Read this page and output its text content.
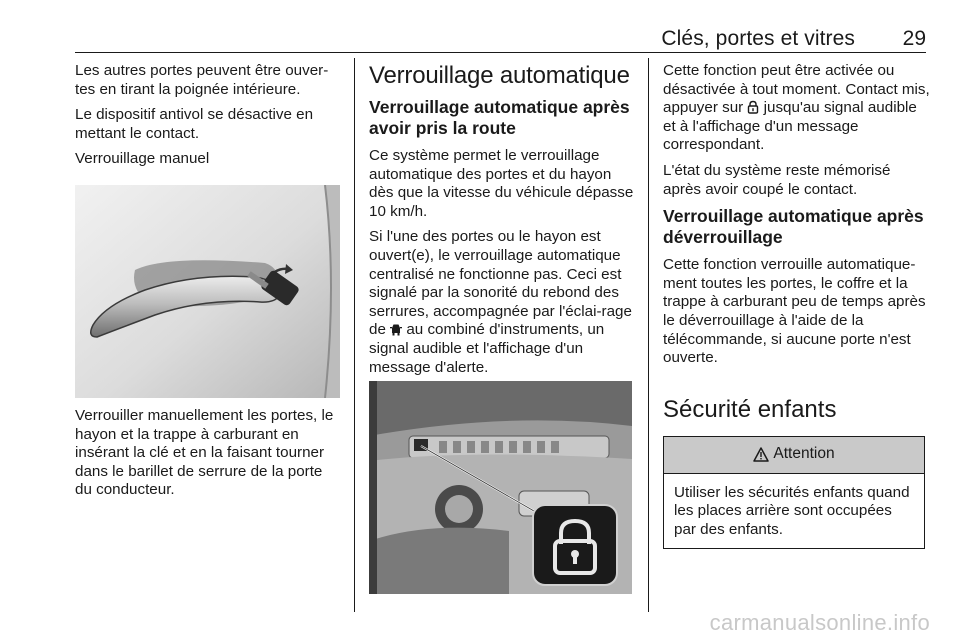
Clés, portes et vitres	29

Les autres portes peuvent être ouver-tes en tirant la poignée intérieure.

Le dispositif antivol se désactive en mettant le contact.

Verrouillage manuel

Verrouiller manuellement les portes, le hayon et la trappe à carburant en insérant la clé et en la faisant tourner dans le barillet de serrure de la porte du conducteur.
Verrouillage automatique
Verrouillage automatique après avoir pris la route

Ce système permet le verrouillage automatique des portes et du hayon dès que la vitesse du véhicule dépasse 10 km/h.

Si l'une des portes ou le hayon est ouvert(e), le verrouillage automatique centralisé ne fonctionne pas. Ceci est signalé par la sonorité du rebond des serrures, accompagnée par l'éclai-rage de  au combiné d'instruments, un signal audible et l'affichage d'un message d'alerte.

Cette fonction peut être activée ou désactivée à tout moment. Contact mis, appuyer sur  jusqu'au signal audible et à l'affichage d'un message correspondant.

L'état du système reste mémorisé après avoir coupé le contact.

Verrouillage automatique après déverrouillage

Cette fonction verrouille automatique-ment toutes les portes, le coffre et la trappe à carburant peu de temps après le déverrouillage à l'aide de la télécommande, si aucune porte n'est ouverte.

Sécurité enfants
Attention
Utiliser les sécurités enfants quand les places arrière sont occupées par des enfants.
carmanualsonline.info
